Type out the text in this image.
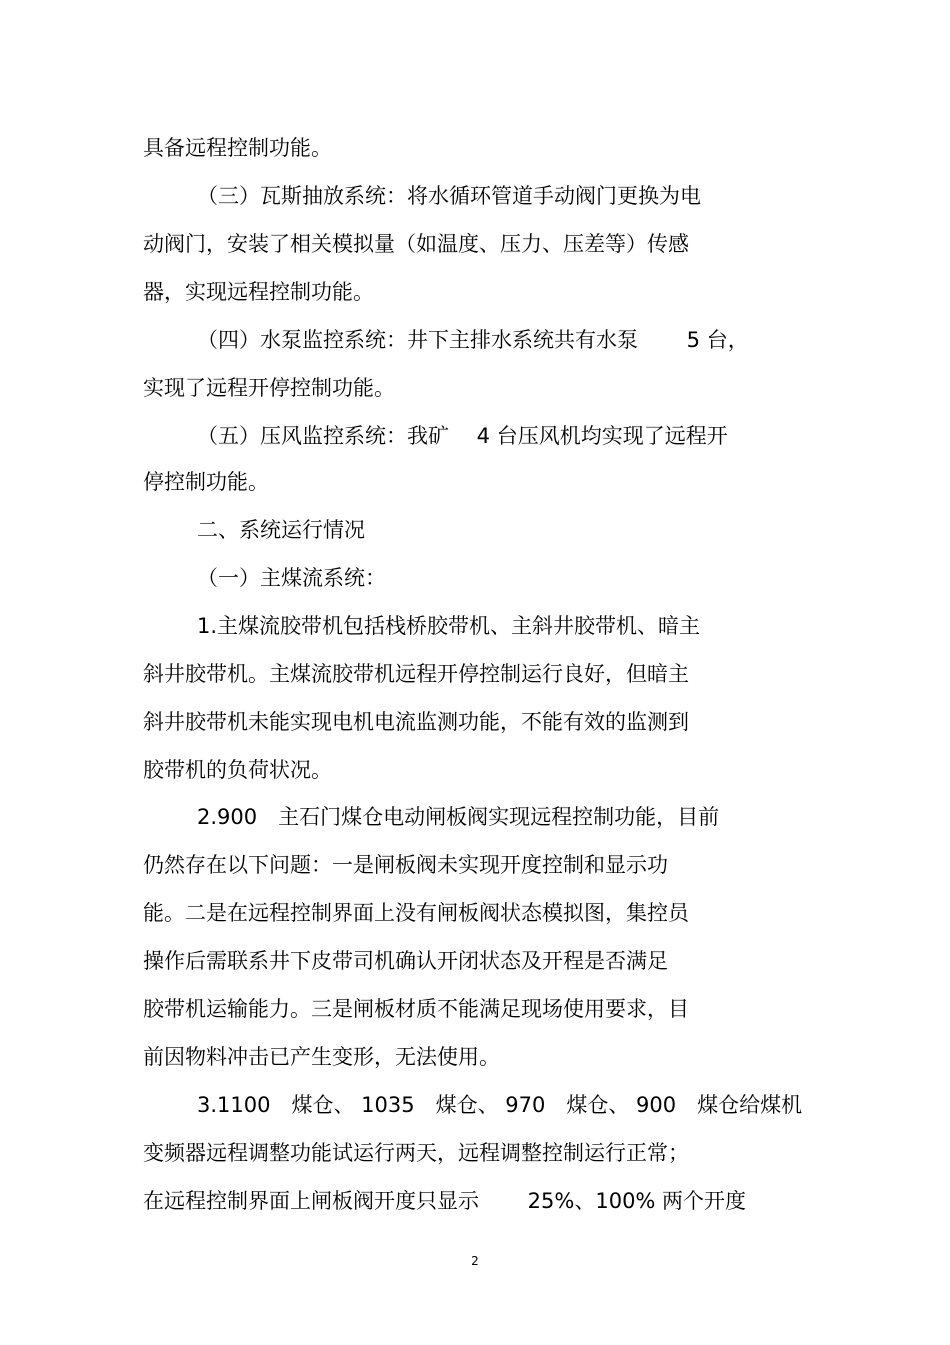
具备远程控制功能。

（三）瓦斯抽放系统：将水循环管道手动阀门更换为电

动阀门，安装了相关模拟量（如温度、压力、压差等）传感

器，实现远程控制功能。

（四）水泵监控系统：井下主排水系统共有水泵　　 5 台，

实现了远程开停控制功能。

（五）压风监控系统：我矿　 4 台压风机均实现了远程开

停控制功能。

二、系统运行情况

（一）主煤流系统：

1.主煤流胶带机包括栈桥胶带机、主斜井胶带机、暗主

斜井胶带机。主煤流胶带机远程开停控制运行良好，但暗主

斜井胶带机未能实现电机电流监测功能，不能有效的监测到

胶带机的负荷状况。

2.900　主石门煤仓电动闸板阀实现远程控制功能，目前

仍然存在以下问题：一是闸板阀未实现开度控制和显示功

能。二是在远程控制界面上没有闸板阀状态模拟图，集控员

操作后需联系井下皮带司机确认开闭状态及开程是否满足

胶带机运输能力。三是闸板材质不能满足现场使用要求，目

前因物料冲击已产生变形，无法使用。

3.1100　煤仓、 1035　煤仓、 970　煤仓、 900　煤仓给煤机

变频器远程调整功能试运行两天，远程调整控制运行正常；

在远程控制界面上闸板阀开度只显示　　 25%、100% 两个开度

2
